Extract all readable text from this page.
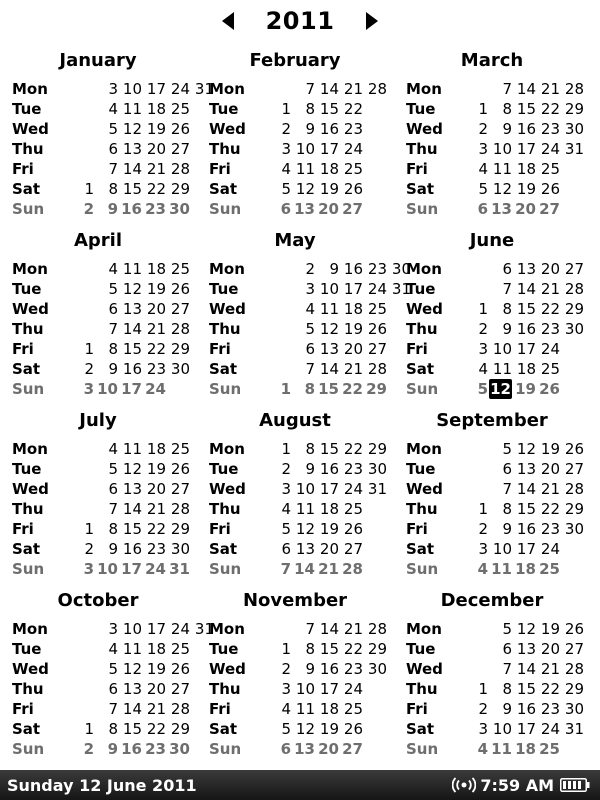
2011
January
Mon
Tue
Wed
Thu
Fri
Sat
Sun
1
2
3
4
5
6
7
8
9
10
11
12
13
14
15
16
17
18
19
20
21
22
23
24
25
26
27
28
29
30
31
February
Mon
Tue
Wed
Thu
Fri
Sat
Sun
1
2
3
4
5
6
7
8
9
10
11
12
13
14
15
16
17
18
19
20
21
22
23
24
25
26
27
28
March
Mon
Tue
Wed
Thu
Fri
Sat
Sun
1
2
3
4
5
6
7
8
9
10
11
12
13
14
15
16
17
18
19
20
21
22
23
24
25
26
27
28
29
30
31
April
Mon
Tue
Wed
Thu
Fri
Sat
Sun
1
2
3
4
5
6
7
8
9
10
11
12
13
14
15
16
17
18
19
20
21
22
23
24
25
26
27
28
29
30
May
Mon
Tue
Wed
Thu
Fri
Sat
Sun	1
2
3
4
5
6
7
8
9
10
11
12
13
14
15
16
17
18
19
20
21
22
23
24
25
26
27
28
29
30
31
June
Mon
Tue
Wed
Thu
Fri
Sat
Sun
1
2
3
4
5
6
7
8
9
10
11
12
13
14
15
16
17
18
19
20
21
22
23
24
25
26
27
28
29
30
July
Mon
Tue
Wed
Thu
Fri
Sat
Sun
1
2
3
4
5
6
7
8
9
10
11
12
13
14
15
16
17
18
19
20
21
22
23
24
25
26
27
28
29
30
31
August
Mon
Tue
Wed
Thu
Fri
Sat
Sun
1
2
3
4
5
6
7
8
9
10
11
12
13
14
15
16
17
18
19
20
21
22
23
24
25
26
27
28
29
30
31
September
Mon
Tue
Wed
Thu
Fri
Sat
Sun
1
2
3
4
5
6
7
8
9
10
11
12
13
14
15
16
17
18
19
20
21
22
23
24
25
26
27
28
29
30
October
Mon
Tue
Wed
Thu
Fri
Sat
Sun
1
2
3
4
5
6
7
8
9
10
11
12
13
14
15
16
17
18
19
20
21
22
23
24
25
26
27
28
29
30
31
November
Mon
Tue
Wed
Thu
Fri
Sat
Sun
1
2
3
4
5
6
7
8
9
10
11
12
13
14
15
16
17
18
19
20
21
22
23
24
25
26
27
28
29
30
December
Mon
Tue
Wed
Thu
Fri
Sat
Sun
1
2
3
4
5
6
7
8
9
10
11
12
13
14
15
16
17
18
19
20
21
22
23
24
25
26
27
28
29
30
31
Sunday 12 June 2011	7:59 AM
